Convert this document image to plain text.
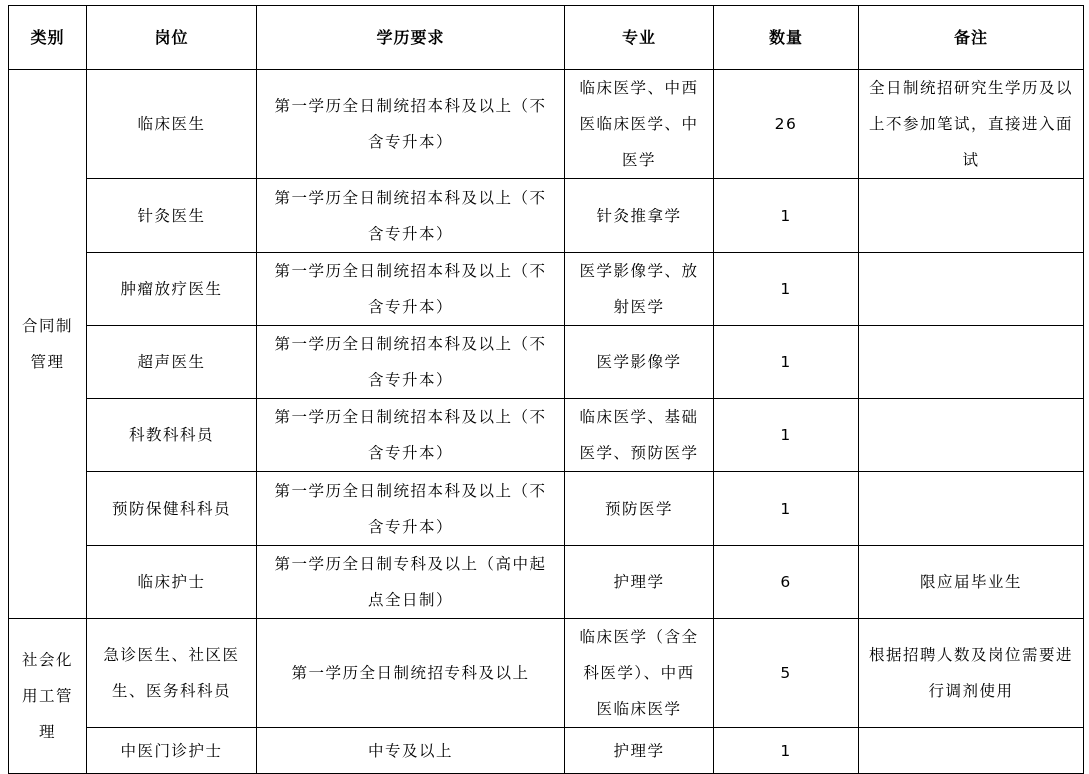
类别	岗位	学历要求	专业	数量	备注
合同制管理	临床医生	第一学历全日制统招本科及以上（不含专升本）	临床医学、中西医临床医学、中医学	26	全日制统招研究生学历及以上不参加笔试，直接进入面试
	针灸医生	第一学历全日制统招本科及以上（不含专升本）	针灸推拿学	1	
	肿瘤放疗医生	第一学历全日制统招本科及以上（不含专升本）	医学影像学、放射医学	1	
	超声医生	第一学历全日制统招本科及以上（不含专升本）	医学影像学	1	
	科教科科员	第一学历全日制统招本科及以上（不含专升本）	临床医学、基础医学、预防医学	1	
	预防保健科科员	第一学历全日制统招本科及以上（不含专升本）	预防医学	1	
	临床护士	第一学历全日制专科及以上（高中起点全日制）	护理学	6	限应届毕业生
社会化用工管理	急诊医生、社区医生、医务科科员	第一学历全日制统招专科及以上	临床医学（含全科医学）、中西医临床医学	5	根据招聘人数及岗位需要进行调剂使用
	中医门诊护士	中专及以上	护理学	1	
